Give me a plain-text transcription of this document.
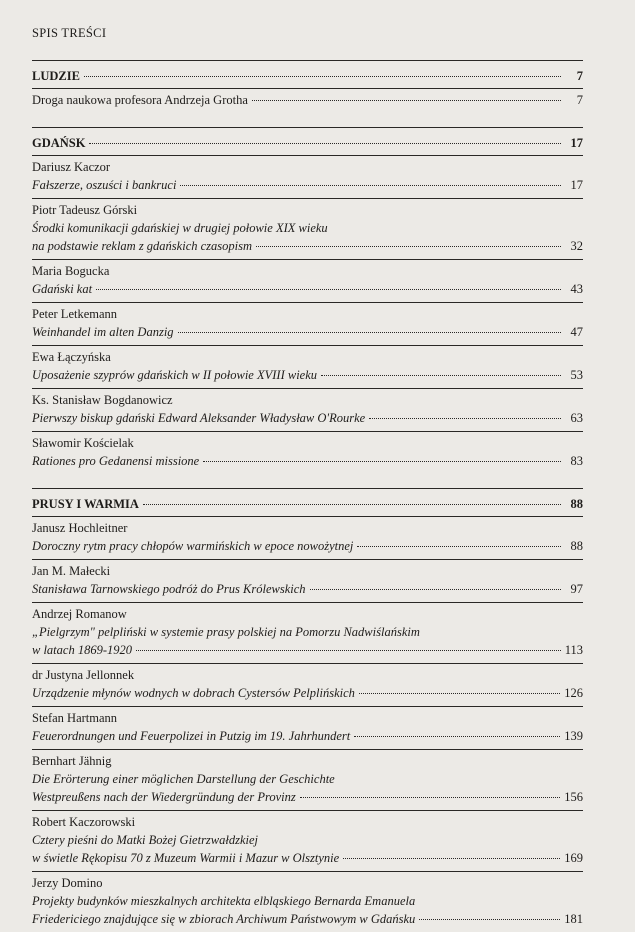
SPIS TREŚCI
LUDZIE	7
Droga naukowa profesora Andrzeja Grotha	7
GDAŃSK	17
Dariusz Kaczor
Fałszerze, oszuści i bankruci	17
Piotr Tadeusz Górski
Środki komunikacji gdańskiej w drugiej połowie XIX wieku
na podstawie reklam z gdańskich czasopism	32
Maria Bogucka
Gdański kat	43
Peter Letkemann
Weinhandel im alten Danzig	47
Ewa Łączyńska
Uposażenie szyprów gdańskich w II połowie XVIII wieku	53
Ks. Stanisław Bogdanowicz
Pierwszy biskup gdański Edward Aleksander Władysław O'Rourke	63
Sławomir Kościelak
Rationes pro Gedanensi missione	83
PRUSY I WARMIA	88
Janusz Hochleitner
Doroczny rytm pracy chłopów warmińskich w epoce nowożytnej	88
Jan M. Małecki
Stanisława Tarnowskiego podróż do Prus Królewskich	97
Andrzej Romanow
„Pielgrzym" pelpliński w systemie prasy polskiej na Pomorzu Nadwiślańskim
w latach 1869-1920	113
dr Justyna Jellonnek
Urządzenie młynów wodnych w dobrach Cystersów Pelplińskich	126
Stefan Hartmann
Feuerordnungen und Feuerpolizei in Putzig im 19. Jahrhundert	139
Bernhart Jähnig
Die Erörterung einer möglichen Darstellung der Geschichte
Westpreußens nach der Wiedergründung der Provinz	156
Robert Kaczorowski
Cztery pieśni do Matki Bożej Gietrzwałdzkiej
w świetle Rękopisu 70 z Muzeum Warmii i Mazur w Olsztynie	169
Jerzy Domino
Projekty budynków mieszkalnych architekta elbląskiego Bernarda Emanuela
Friedericiego znajdujące się w zbiorach Archiwum Państwowym w Gdańsku	181
